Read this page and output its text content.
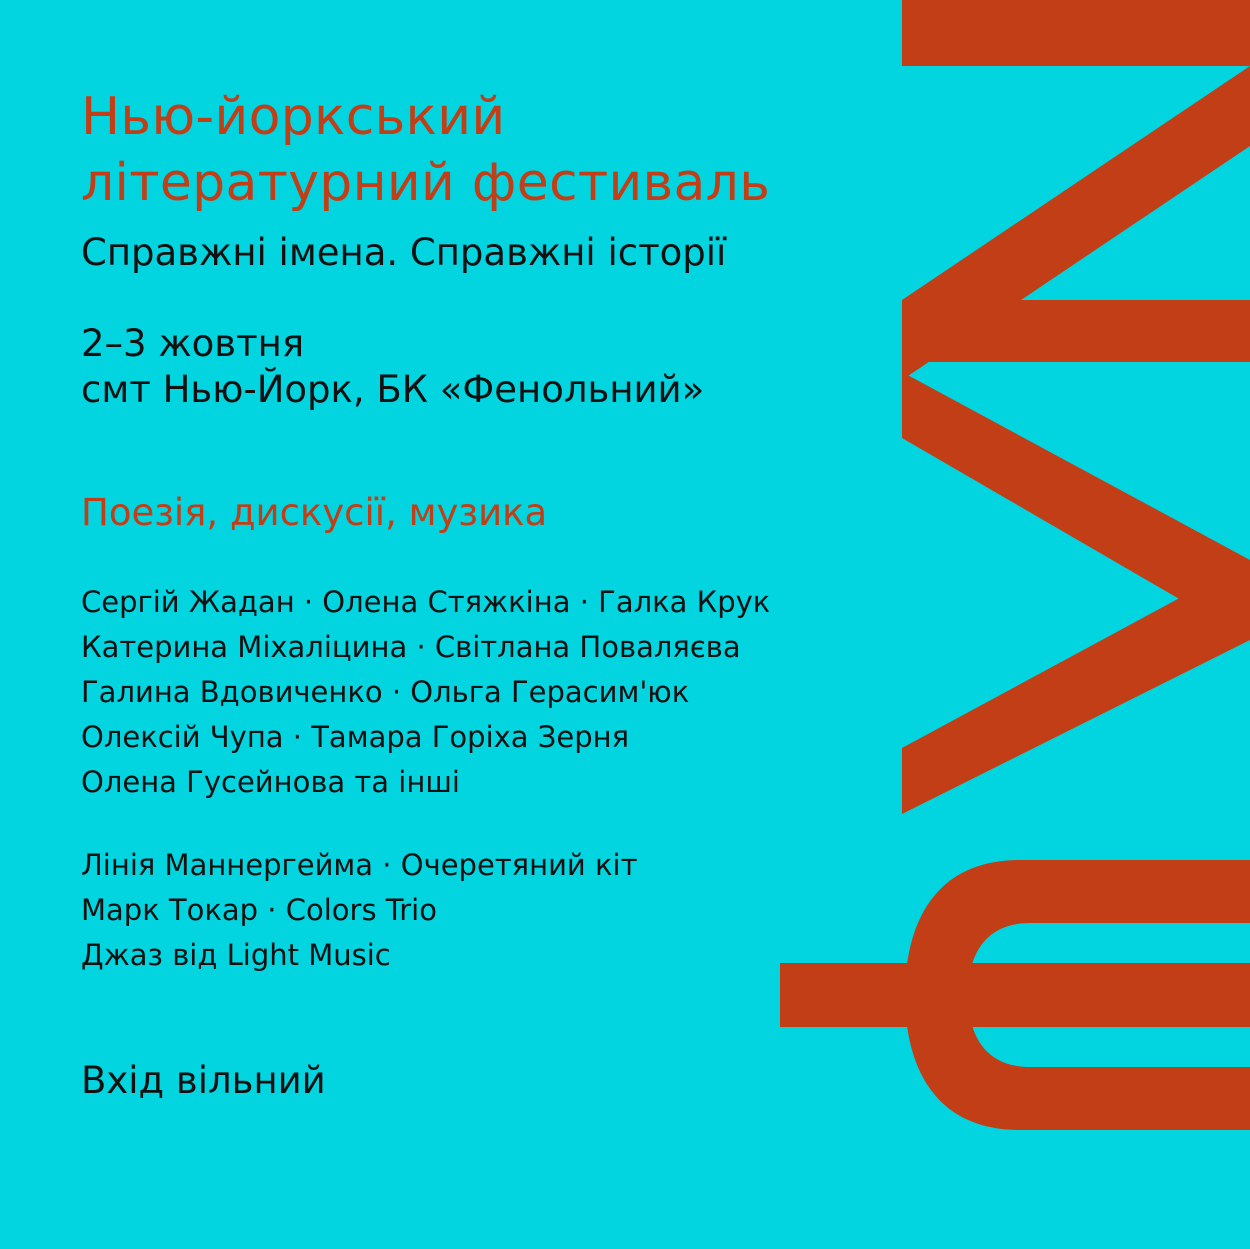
Нью-йоркський
літературний фестиваль

Справжні імена. Справжні історії

2–3 жовтня

смт Нью-Йорк, БК «Фенольний»

Поезія, дискусії, музика

Сергій Жадан · Олена Стяжкіна · Галка Крук

Катерина Міхаліцина · Світлана Поваляєва

Галина Вдовиченко · Ольга Герасим'юк

Олексій Чупа · Тамара Горіха Зерня

Олена Гусейнова та інші

Лінія Маннергейма · Очеретяний кіт

Марк Токар · Colors Trio

Джаз від Light Music

Вхід вільний
